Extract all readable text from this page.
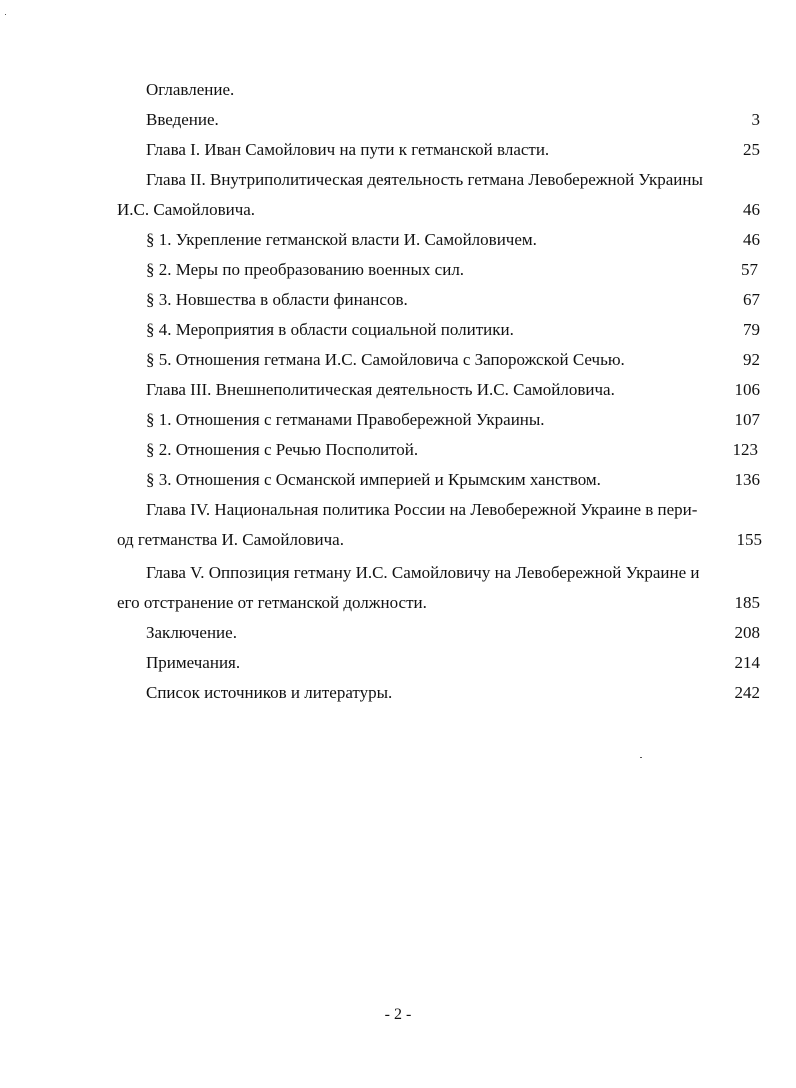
Оглавление.
Введение.	3
Глава I. Иван Самойлович на пути к гетманской власти.	25
Глава II. Внутриполитическая деятельность гетмана Левобережной Украины
И.С. Самойловича.	46
§ 1. Укрепление гетманской власти И. Самойловичем.	46
§ 2. Меры по преобразованию военных сил.	57
§ 3. Новшества в области финансов.	67
§ 4. Мероприятия в области социальной политики.	79
§ 5. Отношения гетмана И.С. Самойловича с Запорожской Сечью.	92
Глава III. Внешнеполитическая деятельность И.С. Самойловича.	106
§ 1. Отношения с гетманами Правобережной Украины.	107
§ 2. Отношения с Речью Посполитой.	123
§ 3. Отношения с Османской империей и Крымским ханством.	136
Глава IV. Национальная политика России на Левобережной Украине в пери-
од гетманства И. Самойловича.	155
Глава V. Оппозиция гетману И.С. Самойловичу на Левобережной Украине и
его отстранение от гетманской должности.	185
Заключение.	208
Примечания.	214
Список источников и литературы.	242
- 2 -
